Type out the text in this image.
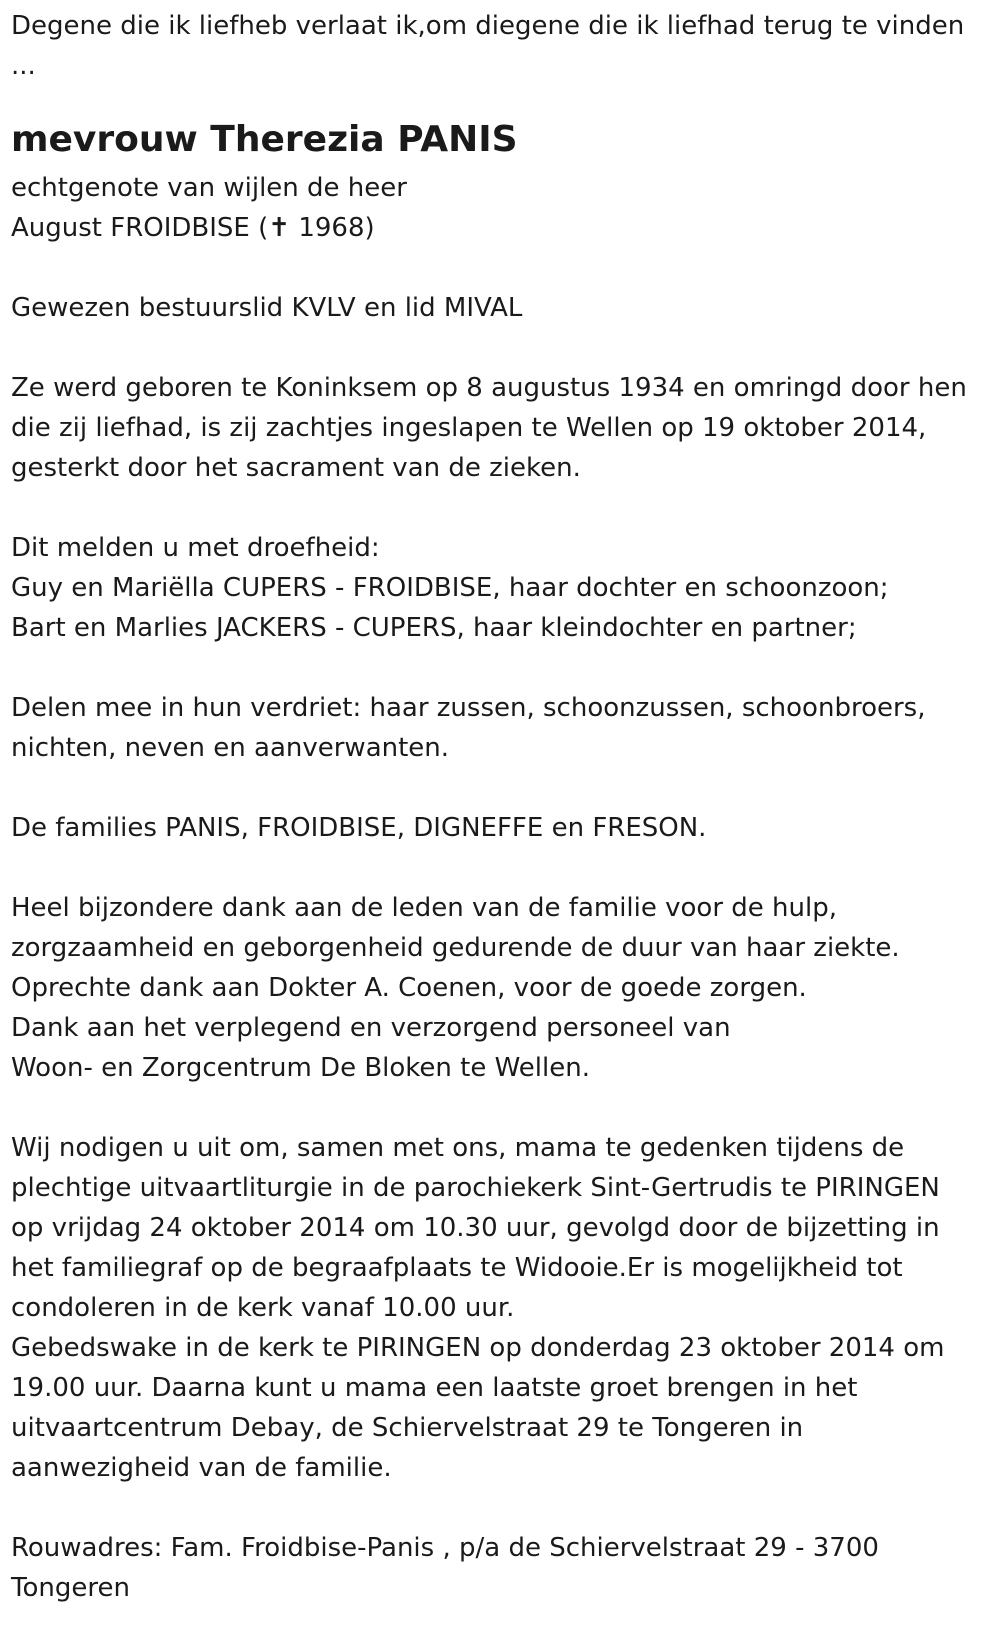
Degene die ik liefheb verlaat ik,om diegene die ik liefhad terug te vinden
...
mevrouw Therezia PANIS
echtgenote van wijlen de heer
August FROIDBISE (✝ 1968)
Gewezen bestuurslid KVLV en lid MIVAL
Ze werd geboren te Koninksem op 8 augustus 1934 en omringd door hen
die zij liefhad, is zij zachtjes ingeslapen te Wellen op 19 oktober 2014,
gesterkt door het sacrament van de zieken.
Dit melden u met droefheid:
Guy en Mariëlla CUPERS - FROIDBISE, haar dochter en schoonzoon;
Bart en Marlies JACKERS - CUPERS, haar kleindochter en partner;
Delen mee in hun verdriet: haar zussen, schoonzussen, schoonbroers,
nichten, neven en aanverwanten.
De families PANIS, FROIDBISE, DIGNEFFE en FRESON.
Heel bijzondere dank aan de leden van de familie voor de hulp,
zorgzaamheid en geborgenheid gedurende de duur van haar ziekte.
Oprechte dank aan Dokter A. Coenen, voor de goede zorgen.
Dank aan het verplegend en verzorgend personeel van
Woon- en Zorgcentrum De Bloken te Wellen.
Wij nodigen u uit om, samen met ons, mama te gedenken tijdens de
plechtige uitvaartliturgie in de parochiekerk Sint-Gertrudis te PIRINGEN
op vrijdag 24 oktober 2014 om 10.30 uur, gevolgd door de bijzetting in
het familiegraf op de begraafplaats te Widooie.Er is mogelijkheid tot
condoleren in de kerk vanaf 10.00 uur.
Gebedswake in de kerk te PIRINGEN op donderdag 23 oktober 2014 om
19.00 uur. Daarna kunt u mama een laatste groet brengen in het
uitvaartcentrum Debay, de Schiervelstraat 29 te Tongeren in
aanwezigheid van de familie.
Rouwadres: Fam. Froidbise-Panis , p/a de Schiervelstraat 29 - 3700
Tongeren
